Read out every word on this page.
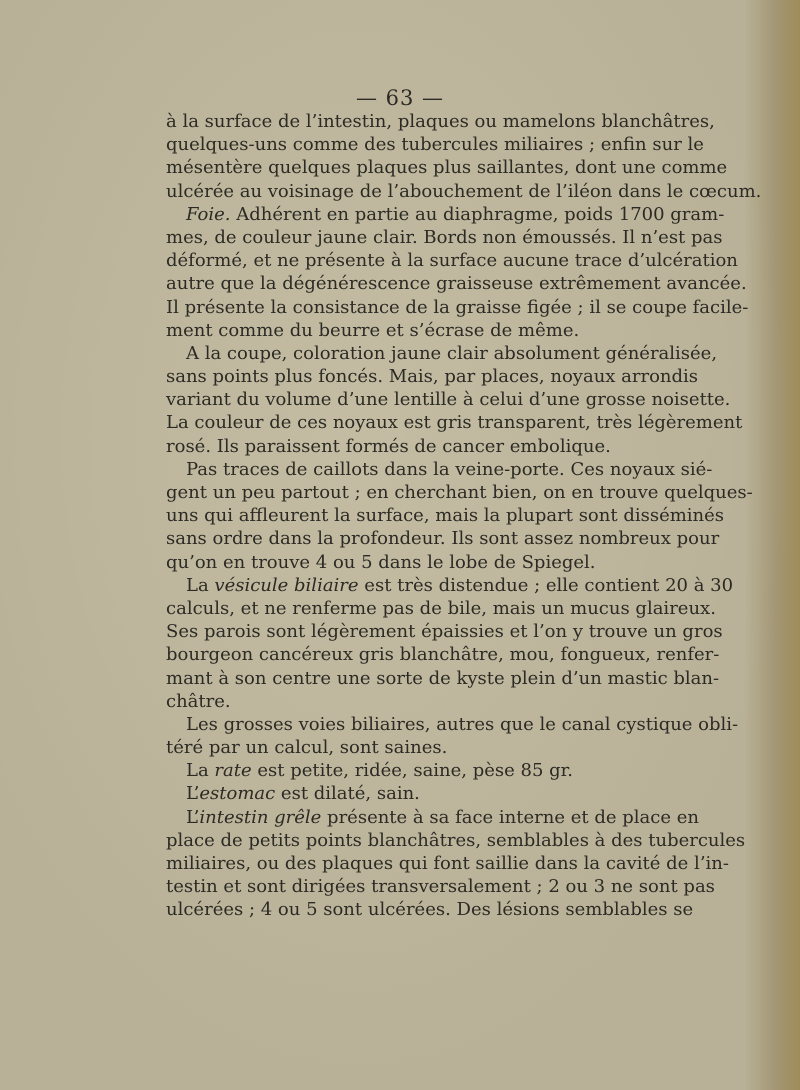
— 63 —
à la surface de l’intestin, plaques ou mamelons blanchâtres,
quelques-uns comme des tubercules miliaires ; enfin sur le
mésentère quelques plaques plus saillantes, dont une comme
ulcérée au voisinage de l’abouchement de l’iléon dans le cœcum.
Foie. Adhérent en partie au diaphragme, poids 1700 gram-
mes, de couleur jaune clair. Bords non émoussés. Il n’est pas
déformé, et ne présente à la surface aucune trace d’ulcération
autre que la dégénérescence graisseuse extrêmement avancée.
Il présente la consistance de la graisse figée ; il se coupe facile-
ment comme du beurre et s’écrase de même.
A la coupe, coloration jaune clair absolument généralisée,
sans points plus foncés. Mais, par places, noyaux arrondis
variant du volume d’une lentille à celui d’une grosse noisette.
La couleur de ces noyaux est gris transparent, très légèrement
rosé. Ils paraissent formés de cancer embolique.
Pas traces de caillots dans la veine-porte. Ces noyaux sié-
gent un peu partout ; en cherchant bien, on en trouve quelques-
uns qui affleurent la surface, mais la plupart sont disséminés
sans ordre dans la profondeur. Ils sont assez nombreux pour
qu’on en trouve 4 ou 5 dans le lobe de Spiegel.
La vésicule biliaire est très distendue ; elle contient 20 à 30
calculs, et ne renferme pas de bile, mais un mucus glaireux.
Ses parois sont légèrement épaissies et l’on y trouve un gros
bourgeon cancéreux gris blanchâtre, mou, fongueux, renfer-
mant à son centre une sorte de kyste plein d’un mastic blan-
châtre.
Les grosses voies biliaires, autres que le canal cystique obli-
téré par un calcul, sont saines.
La rate est petite, ridée, saine, pèse 85 gr.
L’estomac est dilaté, sain.
L’intestin grêle présente à sa face interne et de place en
place de petits points blanchâtres, semblables à des tubercules
miliaires, ou des plaques qui font saillie dans la cavité de l’in-
testin et sont dirigées transversalement ; 2 ou 3 ne sont pas
ulcérées ; 4 ou 5 sont ulcérées. Des lésions semblables se
